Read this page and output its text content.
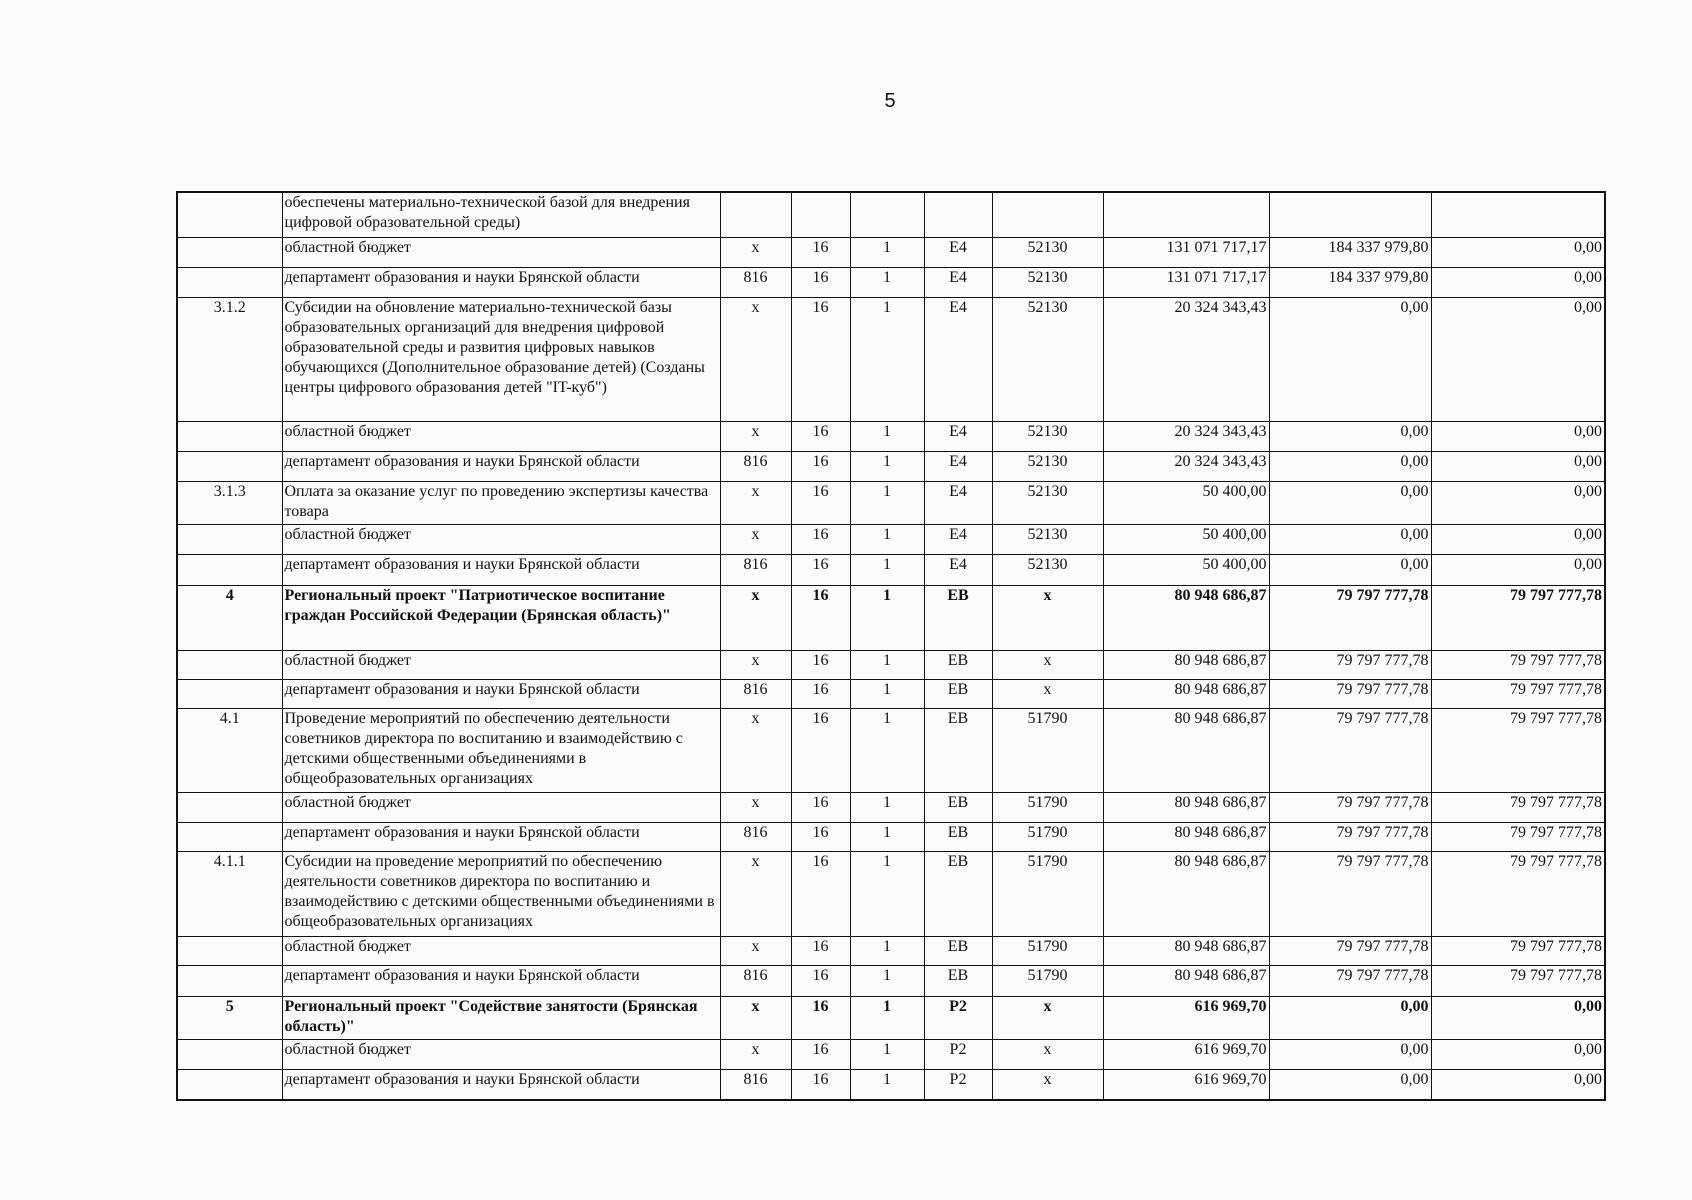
5
	обеспечены материально-технической базой для внедрения цифровой образовательной среды)								
	областной бюджет	х	16	1	Е4	52130	131 071 717,17	184 337 979,80	0,00
	департамент образования и науки Брянской области	816	16	1	Е4	52130	131 071 717,17	184 337 979,80	0,00
3.1.2	Субсидии на обновление материально-технической базы образовательных организаций для внедрения цифровой образовательной среды и развития цифровых навыков обучающихся (Дополнительное образование детей) (Созданы центры цифрового образования детей "IT-куб")	х	16	1	Е4	52130	20 324 343,43	0,00	0,00
	областной бюджет	х	16	1	Е4	52130	20 324 343,43	0,00	0,00
	департамент образования и науки Брянской области	816	16	1	Е4	52130	20 324 343,43	0,00	0,00
3.1.3	Оплата за оказание услуг по проведению экспертизы качества товара	х	16	1	Е4	52130	50 400,00	0,00	0,00
	областной бюджет	х	16	1	Е4	52130	50 400,00	0,00	0,00
	департамент образования и науки Брянской области	816	16	1	Е4	52130	50 400,00	0,00	0,00
4	Региональный проект "Патриотическое воспитание граждан Российской Федерации (Брянская область)"	х	16	1	ЕВ	х	80 948 686,87	79 797 777,78	79 797 777,78
	областной бюджет	х	16	1	ЕВ	х	80 948 686,87	79 797 777,78	79 797 777,78
	департамент образования и науки Брянской области	816	16	1	ЕВ	х	80 948 686,87	79 797 777,78	79 797 777,78
4.1	Проведение мероприятий по обеспечению деятельности советников директора по воспитанию и взаимодействию с детскими общественными объединениями в общеобразовательных организациях	х	16	1	ЕВ	51790	80 948 686,87	79 797 777,78	79 797 777,78
	областной бюджет	х	16	1	ЕВ	51790	80 948 686,87	79 797 777,78	79 797 777,78
	департамент образования и науки Брянской области	816	16	1	ЕВ	51790	80 948 686,87	79 797 777,78	79 797 777,78
4.1.1	Субсидии на проведение мероприятий по обеспечению деятельности советников директора по воспитанию и взаимодействию с детскими общественными объединениями в общеобразовательных организациях	х	16	1	ЕВ	51790	80 948 686,87	79 797 777,78	79 797 777,78
	областной бюджет	х	16	1	ЕВ	51790	80 948 686,87	79 797 777,78	79 797 777,78
	департамент образования и науки Брянской области	816	16	1	ЕВ	51790	80 948 686,87	79 797 777,78	79 797 777,78
5	Региональный проект "Содействие занятости (Брянская область)"	х	16	1	Р2	х	616 969,70	0,00	0,00
	областной бюджет	х	16	1	Р2	х	616 969,70	0,00	0,00
	департамент образования и науки Брянской области	816	16	1	Р2	х	616 969,70	0,00	0,00
